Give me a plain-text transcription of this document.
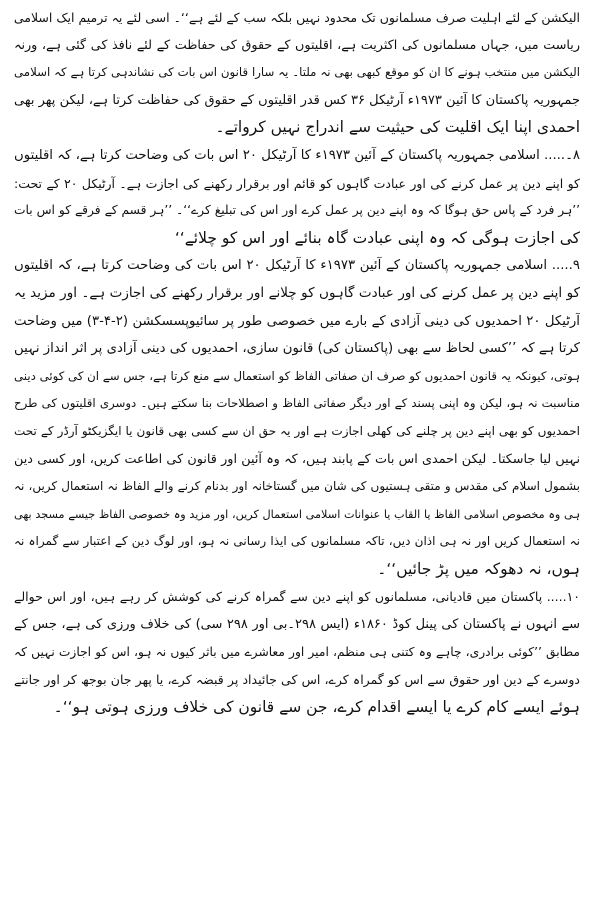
الیکشن کے لئے اہلیت صرف مسلمانوں تک محدود نہیں بلکہ سب کے لئے ہے‘‘۔ اسی لئے یہ ترمیم ایک اسلامی
ریاست میں، جہاں مسلمانوں کی اکثریت ہے، اقلیتوں کے حقوق کی حفاظت کے لئے نافذ کی گئی ہے، ورنہ
الیکشن میں منتخب ہونے کا ان کو موقع کبھی بھی نہ ملتا۔ یہ سارا قانون اس بات کی نشاندہی کرتا ہے کہ اسلامی
جمہوریہ پاکستان کا آئین ۱۹۷۳ء آرٹیکل ۳۶ کس قدر اقلیتوں کے حقوق کی حفاظت کرتا ہے، لیکن پھر بھی
احمدی اپنا ایک اقلیت کی حیثیت سے اندراج نہیں کرواتے۔
۸۔..... اسلامی جمہوریہ پاکستان کے آئین ۱۹۷۳ء کا آرٹیکل ۲۰ اس بات کی وضاحت کرتا ہے، کہ اقلیتوں
کو اپنے دین پر عمل کرنے کی اور عبادت گاہوں کو قائم اور برقرار رکھنے کی اجازت ہے۔ آرٹیکل ۲۰ کے تحت:
’’ہر فرد کے پاس حق ہوگا کہ وہ اپنے دین پر عمل کرے اور اس کی تبلیغ کرے‘‘۔ ’’ہر قسم کے فرقے کو اس بات
کی اجازت ہوگی کہ وہ اپنی عبادت گاہ بنائے اور اس کو چلائے‘‘
۹..... اسلامی جمہوریہ پاکستان کے آئین ۱۹۷۳ء کا آرٹیکل ۲۰ اس بات کی وضاحت کرتا ہے، کہ اقلیتوں
کو اپنے دین پر عمل کرنے کی اور عبادت گاہوں کو چلانے اور برقرار رکھنے کی اجازت ہے۔ اور مزید یہ
آرٹیکل ۲۰ احمدیوں کی دینی آزادی کے بارے میں خصوصی طور پر سائیوپسسکشن (۲-۴-۳) میں وضاحت
کرتا ہے کہ ’’کسی لحاظ سے بھی (پاکستان کی) قانون سازی، احمدیوں کی دینی آزادی پر اثر انداز نہیں
ہوتی، کیونکہ یہ قانون احمدیوں کو صرف ان صفاتی الفاظ کو استعمال سے منع کرتا ہے، جس سے ان کی کوئی دینی
مناسبت نہ ہو، لیکن وہ اپنی پسند کے اور دیگر صفاتی الفاظ و اصطلاحات بنا سکتے ہیں۔ دوسری اقلیتوں کی طرح
احمدیوں کو بھی اپنے دین پر چلنے کی کھلی اجازت ہے اور یہ حق ان سے کسی بھی قانون یا ایگزیکٹو آرڈر کے تحت
نہیں لیا جاسکتا۔ لیکن احمدی اس بات کے پابند ہیں، کہ وہ آئین اور قانون کی اطاعت کریں، اور کسی دین
بشمول اسلام کی مقدس و متقی ہستیوں کی شان میں گستاخانہ اور بدنام کرنے والے الفاظ نہ استعمال کریں، نہ
ہی وہ مخصوص اسلامی الفاظ یا القاب یا عنوانات اسلامی استعمال کریں، اور مزید وہ خصوصی الفاظ جیسے مسجد بھی
نہ استعمال کریں اور نہ ہی اذان دیں، تاکہ مسلمانوں کی ایذا رسانی نہ ہو، اور لوگ دین کے اعتبار سے گمراہ نہ
ہوں، نہ دھوکہ میں پڑ جائیں‘‘۔
۱۰..... پاکستان میں قادیانی، مسلمانوں کو اپنے دین سے گمراہ کرنے کی کوشش کر رہے ہیں، اور اس حوالے
سے انہوں نے پاکستان کی پینل کوڈ ۱۸۶۰ء (ایس ۲۹۸۔بی اور ۲۹۸ سی) کی خلاف ورزی کی ہے، جس کے
مطابق ’’کوئی برادری، چاہے وہ کتنی ہی منظم، امیر اور معاشرے میں باثر کیوں نہ ہو، اس کو اجازت نہیں کہ
دوسرے کے دین اور حقوق سے اس کو گمراہ کرے، اس کی جائیداد پر قبضہ کرے، یا پھر جان بوجھ کر اور جانتے
ہوئے ایسے کام کرے یا ایسے اقدام کرے، جن سے قانون کی خلاف ورزی ہوتی ہو‘‘۔
